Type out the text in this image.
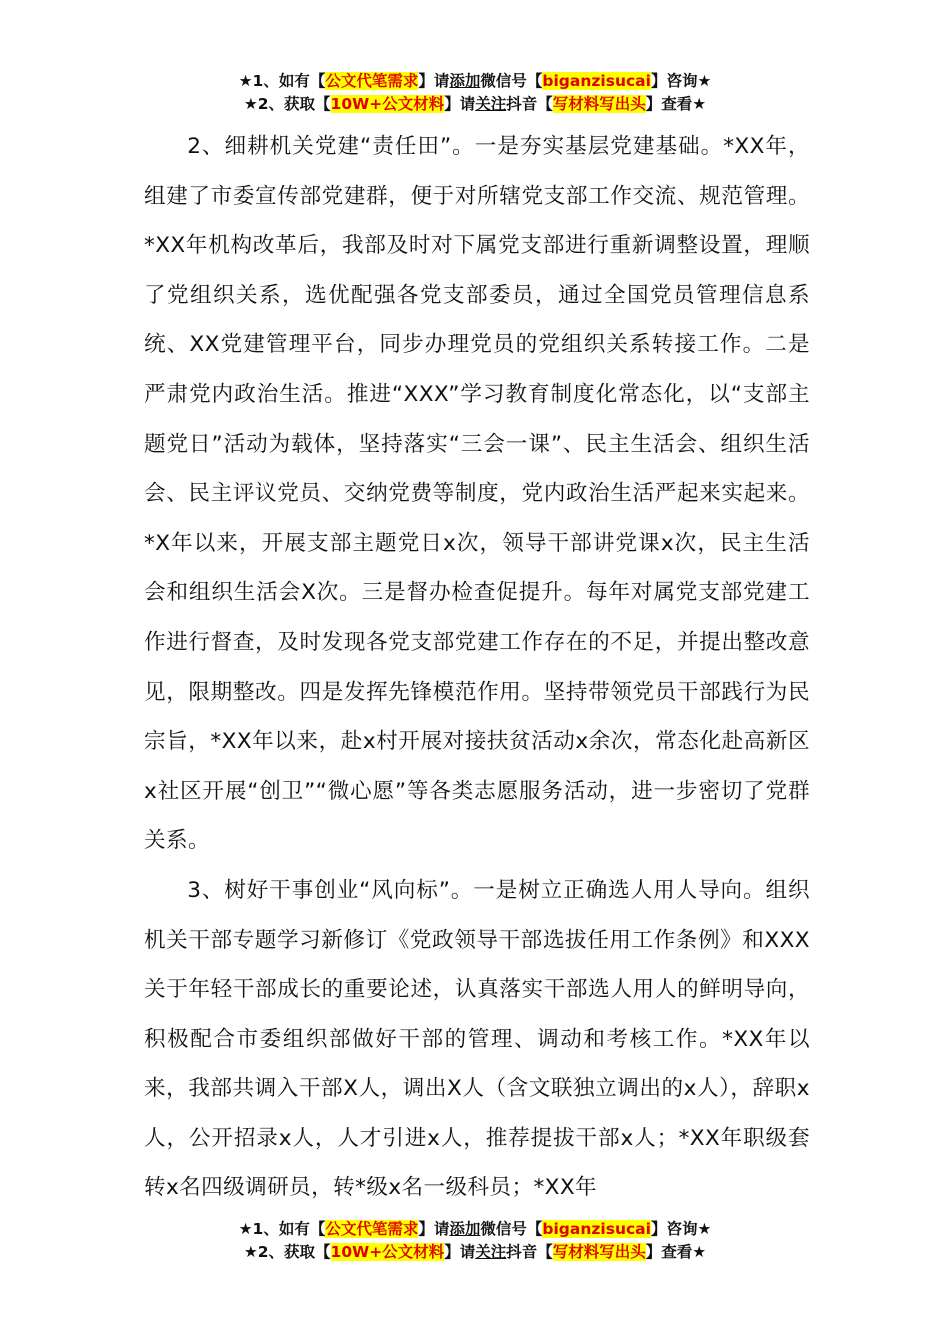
★1、如有【公文代笔需求】请添加微信号【biganzisucai】咨询★
★2、获取【10W+公文材料】请关注抖音【写材料写出头】查看★

2、细耕机关党建“责任田”。一是夯实基层党建基础。*XX年，组建了市委宣传部党建群，便于对所辖党支部工作交流、规范管理。*XX年机构改革后，我部及时对下属党支部进行重新调整设置，理顺了党组织关系，选优配强各党支部委员，通过全国党员管理信息系统、XX党建管理平台，同步办理党员的党组织关系转接工作。二是严肃党内政治生活。推进“XXX”学习教育制度化常态化，以“支部主题党日”活动为载体，坚持落实“三会一课”、民主生活会、组织生活会、民主评议党员、交纳党费等制度，党内政治生活严起来实起来。*X年以来，开展支部主题党日x次，领导干部讲党课x次，民主生活会和组织生活会X次。三是督办检查促提升。每年对属党支部党建工作进行督查，及时发现各党支部党建工作存在的不足，并提出整改意见，限期整改。四是发挥先锋模范作用。坚持带领党员干部践行为民宗旨，*XX年以来，赴x村开展对接扶贫活动x余次，常态化赴高新区x社区开展“创卫”“微心愿”等各类志愿服务活动，进一步密切了党群关系。

3、树好干事创业“风向标”。一是树立正确选人用人导向。组织机关干部专题学习新修订《党政领导干部选拔任用工作条例》和XXX关于年轻干部成长的重要论述，认真落实干部选人用人的鲜明导向，积极配合市委组织部做好干部的管理、调动和考核工作。*XX年以来，我部共调入干部X人，调出X人（含文联独立调出的x人），辞职x人，公开招录x人，人才引进x人，推荐提拔干部x人；*XX年职级套转x名四级调研员，转*级x名一级科员；*XX年

★1、如有【公文代笔需求】请添加微信号【biganzisucai】咨询★
★2、获取【10W+公文材料】请关注抖音【写材料写出头】查看★
